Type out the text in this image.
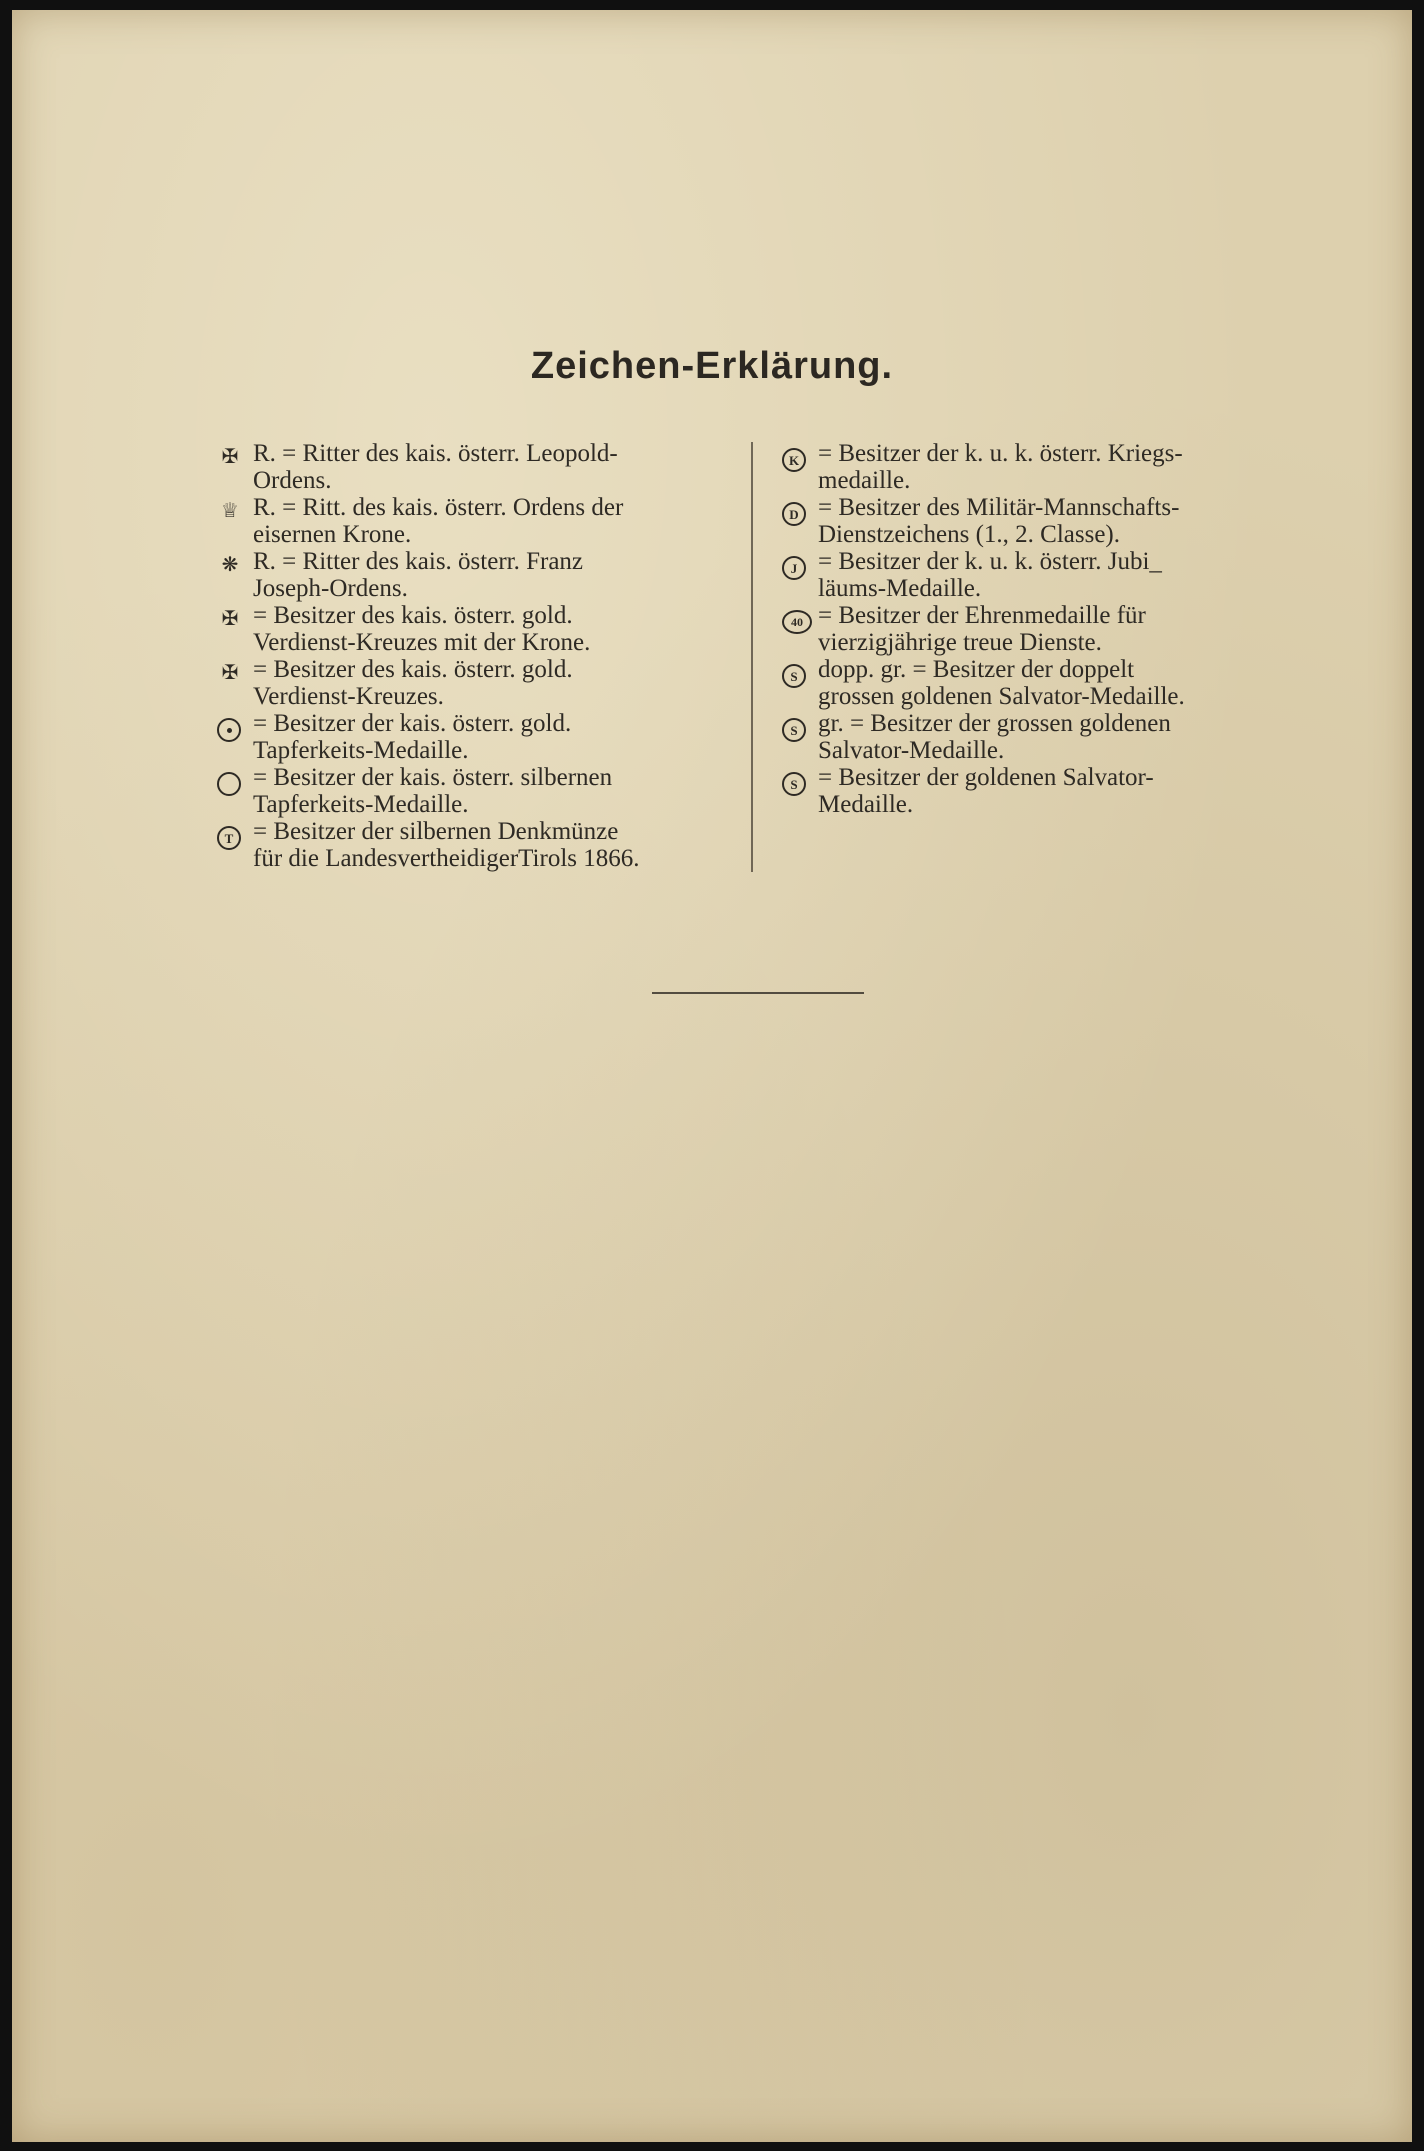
Zeichen-Erklärung.
✠ R. = Ritter des kais. österr. Leopold-
Ordens.
♕ R. = Ritt. des kais. österr. Ordens der
eisernen Krone.
❋ R. = Ritter des kais. österr. Franz
Joseph-Ordens.
✠ = Besitzer des kais. österr. gold.
Verdienst-Kreuzes mit der Krone.
✠ = Besitzer des kais. österr. gold.
Verdienst-Kreuzes.
= Besitzer der kais. österr. gold.
Tapferkeits-Medaille.
= Besitzer der kais. österr. silbernen
Tapferkeits-Medaille.
T = Besitzer der silbernen Denkmünze
für die LandesvertheidigerTirols 1866.
K = Besitzer der k. u. k. österr. Kriegs-
medaille.
D = Besitzer des Militär-Mannschafts-
Dienstzeichens (1., 2. Classe).
J = Besitzer der k. u. k. österr. Jubi_
läums-Medaille.
40 = Besitzer der Ehrenmedaille für
vierzigjährige treue Dienste.
S dopp. gr. = Besitzer der doppelt
grossen goldenen Salvator-Medaille.
S gr. = Besitzer der grossen goldenen
Salvator-Medaille.
S = Besitzer der goldenen Salvator-
Medaille.
